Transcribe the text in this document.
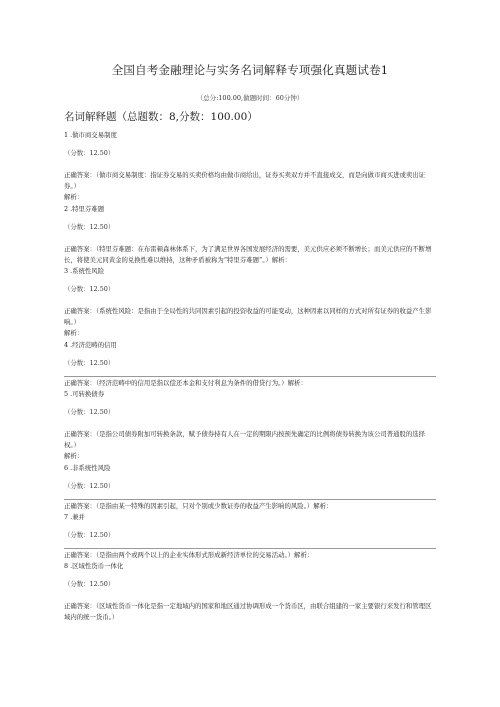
全国自考金融理论与实务名词解释专项强化真题试卷1
（总分:100.00,做题时间：60分钟）
名词解释题（总题数：8,分数：100.00）

1 .做市商交易制度

（分数：12.50）

正确答案：（做市商交易制度：指证券交易的买卖价格均由做市商给出，证券买卖双方并不直接成交，而是向做市商买进或卖出证券。）

解析：

2 .特里芬难题

（分数：12.50）

正确答案：（特里芬难题：在布雷顿森林体系下，为了满足世界各国发展经济的需要，美元供应必须不断增长；而美元供应的不断增长，将使美元同黄金的兑换性难以维持，这种矛盾被称为“特里芬难题”。）解析：

3 .系统性风险

（分数：12.50）

正确答案：（系统性风险：是指由于全局性的共同因素引起的投资收益的可能变动，这种因素以同样的方式对所有证券的收益产生影响。）

解析：

4 .经济范畴的信用

（分数：12.50）

正确答案：（经济范畴中的信用是指以偿还本金和支付利息为条件的借贷行为。）解析：

5 .可转换债券

（分数：12.50）

正确答案：（是指公司债券附加可转换条款，赋予债券持有人在一定的期限内按预先确定的比例将债券转换为该公司普通股的选择权。）

解析：

6 .非系统性风险

（分数：12.50）

正确答案：（是指由某一特殊的因素引起，只对个别或少数证券的收益产生影响的风险。）解析：

7 .兼并

（分数：12.50）

正确答案：（是指由两个或两个以上的企业实体形式形成新经济单位的交易活动。）解析：

8 .区域性货币一体化

（分数：12.50）

正确答案：（区域性货币一体化是指一定地域内的国家和地区通过协调形成一个货币区，由联合组建的一家主要银行来发行和管理区域内的统一货币。）
